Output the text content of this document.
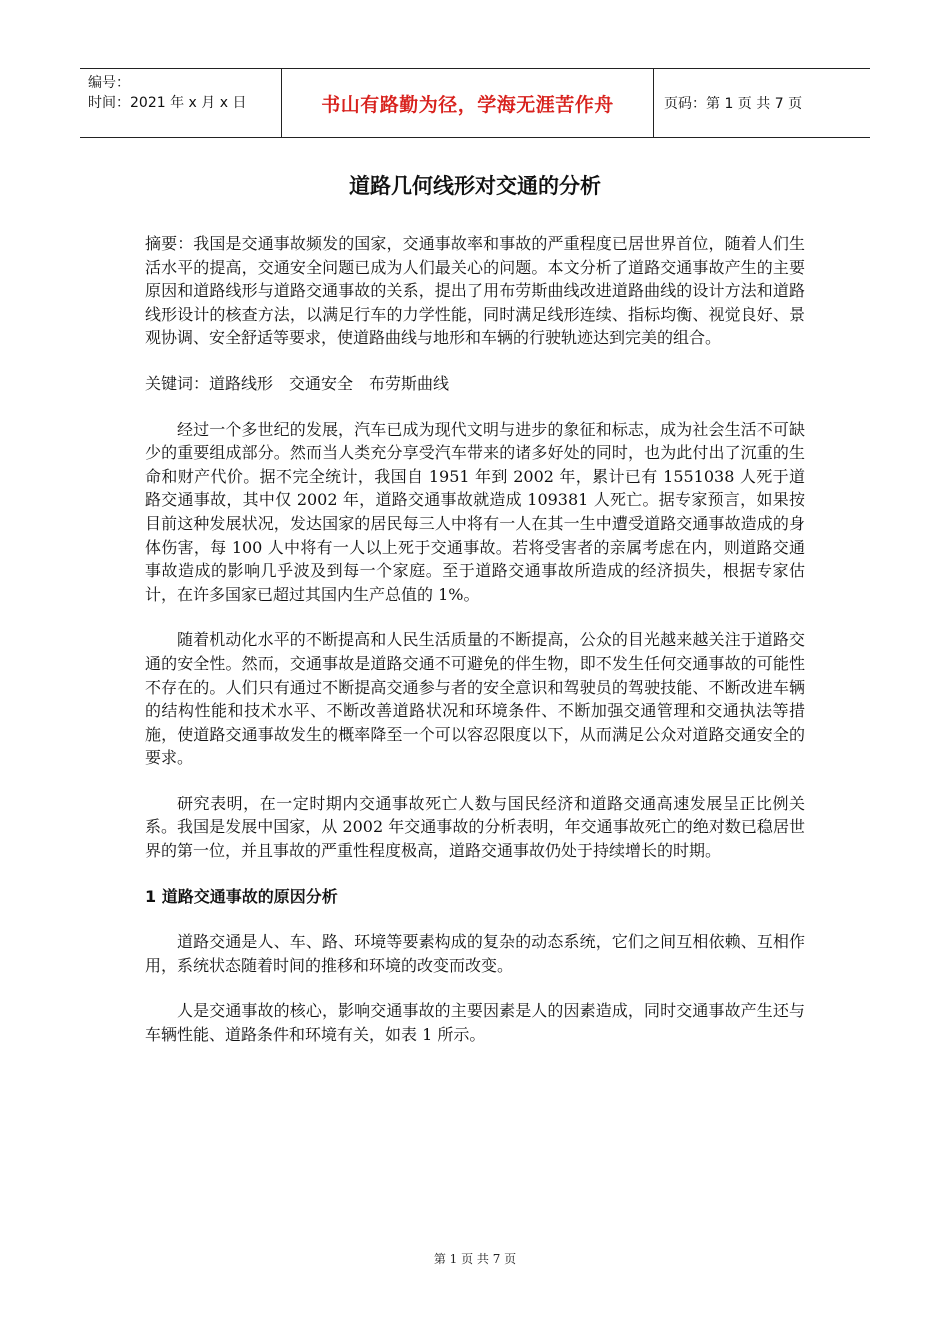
编号：
时间：2021 年 x 月 x 日	书山有路勤为径，学海无涯苦作舟	页码：第 1 页 共 7 页
道路几何线形对交通的分析

摘要：我国是交通事故频发的国家，交通事故率和事故的严重程度已居世界首位，随着人们生活水平的提高，交通安全问题已成为人们最关心的问题。本文分析了道路交通事故产生的主要原因和道路线形与道路交通事故的关系，提出了用布劳斯曲线改进道路曲线的设计方法和道路线形设计的核查方法，以满足行车的力学性能，同时满足线形连续、指标均衡、视觉良好、景观协调、安全舒适等要求，使道路曲线与地形和车辆的行驶轨迹达到完美的组合。

关键词：道路线形　交通安全　布劳斯曲线

经过一个多世纪的发展，汽车已成为现代文明与进步的象征和标志，成为社会生活不可缺少的重要组成部分。然而当人类充分享受汽车带来的诸多好处的同时，也为此付出了沉重的生命和财产代价。据不完全统计，我国自 1951 年到 2002 年，累计已有 1551038 人死于道路交通事故，其中仅 2002 年，道路交通事故就造成 109381 人死亡。据专家预言，如果按目前这种发展状况，发达国家的居民每三人中将有一人在其一生中遭受道路交通事故造成的身体伤害，每 100 人中将有一人以上死于交通事故。若将受害者的亲属考虑在内，则道路交通事故造成的影响几乎波及到每一个家庭。至于道路交通事故所造成的经济损失，根据专家估计，在许多国家已超过其国内生产总值的 1%。

随着机动化水平的不断提高和人民生活质量的不断提高，公众的目光越来越关注于道路交通的安全性。然而，交通事故是道路交通不可避免的伴生物，即不发生任何交通事故的可能性不存在的。人们只有通过不断提高交通参与者的安全意识和驾驶员的驾驶技能、不断改进车辆的结构性能和技术水平、不断改善道路状况和环境条件、不断加强交通管理和交通执法等措施，使道路交通事故发生的概率降至一个可以容忍限度以下，从而满足公众对道路交通安全的要求。

研究表明，在一定时期内交通事故死亡人数与国民经济和道路交通高速发展呈正比例关系。我国是发展中国家，从 2002 年交通事故的分析表明，年交通事故死亡的绝对数已稳居世界的第一位，并且事故的严重性程度极高，道路交通事故仍处于持续增长的时期。

1 道路交通事故的原因分析

道路交通是人、车、路、环境等要素构成的复杂的动态系统，它们之间互相依赖、互相作用，系统状态随着时间的推移和环境的改变而改变。

人是交通事故的核心，影响交通事故的主要因素是人的因素造成，同时交通事故产生还与车辆性能、道路条件和环境有关，如表 1 所示。

第 1 页 共 7 页
